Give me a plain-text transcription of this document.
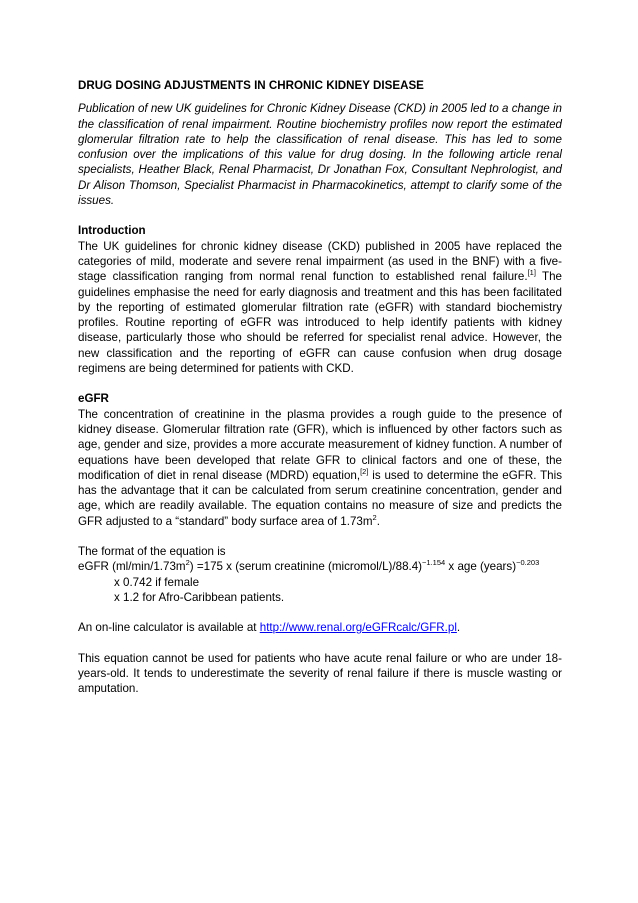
DRUG DOSING ADJUSTMENTS IN CHRONIC KIDNEY DISEASE

Publication of new UK guidelines for Chronic Kidney Disease (CKD) in 2005 led to a change in the classification of renal impairment. Routine biochemistry profiles now report the estimated glomerular filtration rate to help the classification of renal disease. This has led to some confusion over the implications of this value for drug dosing. In the following article renal specialists, Heather Black, Renal Pharmacist, Dr Jonathan Fox, Consultant Nephrologist, and Dr Alison Thomson, Specialist Pharmacist in Pharmacokinetics, attempt to clarify some of the issues.

Introduction

The UK guidelines for chronic kidney disease (CKD) published in 2005 have replaced the categories of mild, moderate and severe renal impairment (as used in the BNF) with a five-stage classification ranging from normal renal function to established renal failure.[1] The guidelines emphasise the need for early diagnosis and treatment and this has been facilitated by the reporting of estimated glomerular filtration rate (eGFR) with standard biochemistry profiles. Routine reporting of eGFR was introduced to help identify patients with kidney disease, particularly those who should be referred for specialist renal advice. However, the new classification and the reporting of eGFR can cause confusion when drug dosage regimens are being determined for patients with CKD.

eGFR

The concentration of creatinine in the plasma provides a rough guide to the presence of kidney disease. Glomerular filtration rate (GFR), which is influenced by other factors such as age, gender and size, provides a more accurate measurement of kidney function. A number of equations have been developed that relate GFR to clinical factors and one of these, the modification of diet in renal disease (MDRD) equation,[2] is used to determine the eGFR. This has the advantage that it can be calculated from serum creatinine concentration, gender and age, which are readily available. The equation contains no measure of size and predicts the GFR adjusted to a “standard” body surface area of $1.73m^2$.

The format of the equation is
eGFR $(ml/\min/1.73m^2) =175$ x (serum creatinine (micromol/L)/88.4)$^{-1.154}$ x age (years)$^{-0.203}$
x 0.742 if female
x 1.2 for Afro-Caribbean patients.

An on-line calculator is available at http://www.renal.org/eGFRcalc/GFR.pl.

This equation cannot be used for patients who have acute renal failure or who are under 18-years-old. It tends to underestimate the severity of renal failure if there is muscle wasting or amputation.
